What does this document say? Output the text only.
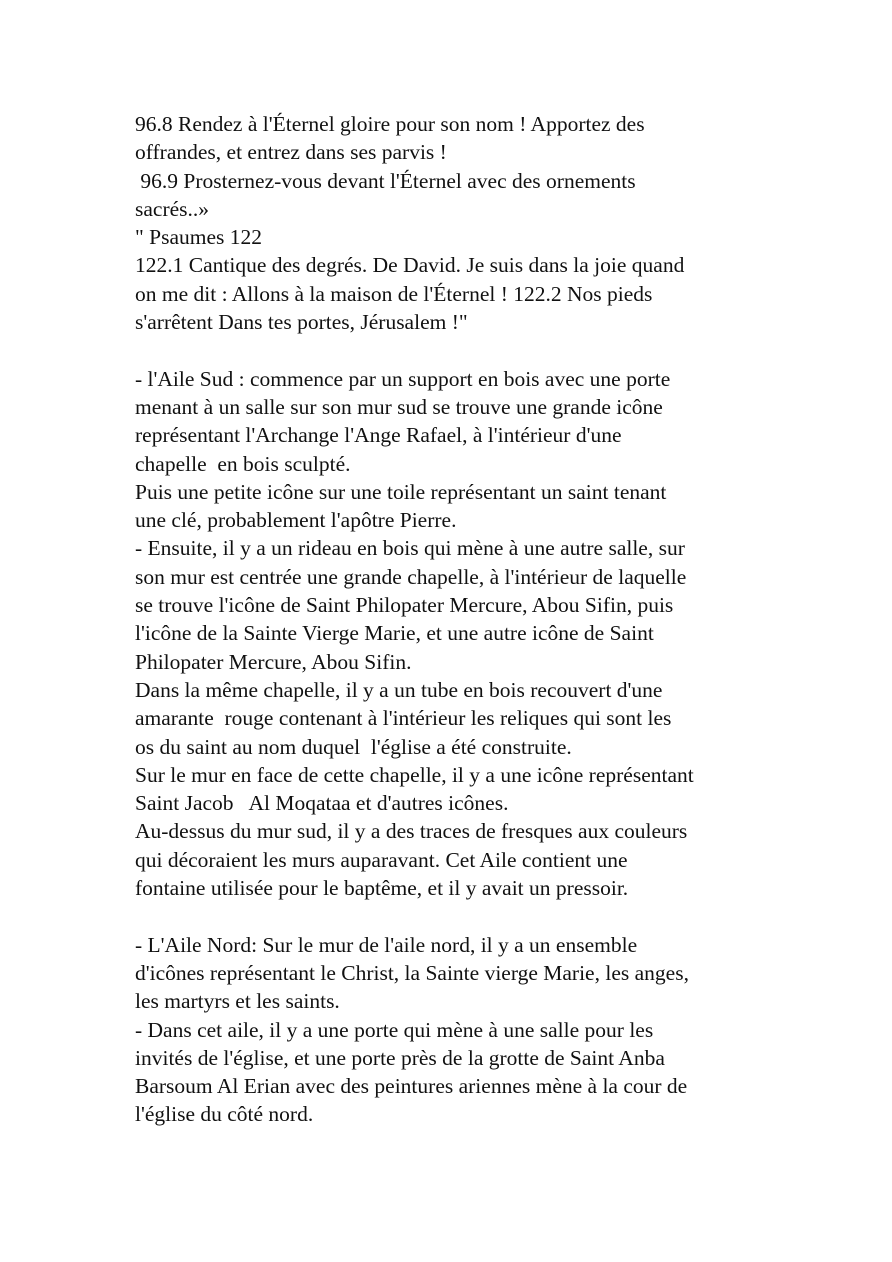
96.8 Rendez à l'Éternel gloire pour son nom ! Apportez des
offrandes, et entrez dans ses parvis !
96.9 Prosternez-vous devant l'Éternel avec des ornements
sacrés..»
" Psaumes 122
122.1 Cantique des degrés. De David. Je suis dans la joie quand
on me dit : Allons à la maison de l'Éternel ! 122.2 Nos pieds
s'arrêtent Dans tes portes, Jérusalem !"
- l'Aile Sud : commence par un support en bois avec une porte
menant à un salle sur son mur sud se trouve une grande icône
représentant l'Archange l'Ange Rafael, à l'intérieur d'une
chapelle  en bois sculpté.
Puis une petite icône sur une toile représentant un saint tenant
une clé, probablement l'apôtre Pierre.
- Ensuite, il y a un rideau en bois qui mène à une autre salle, sur
son mur est centrée une grande chapelle, à l'intérieur de laquelle
se trouve l'icône de Saint Philopater Mercure, Abou Sifin, puis
l'icône de la Sainte Vierge Marie, et une autre icône de Saint
Philopater Mercure, Abou Sifin.
Dans la même chapelle, il y a un tube en bois recouvert d'une
amarante  rouge contenant à l'intérieur les reliques qui sont les
os du saint au nom duquel  l'église a été construite.
Sur le mur en face de cette chapelle, il y a une icône représentant
Saint Jacob   Al Moqataa et d'autres icônes.
Au-dessus du mur sud, il y a des traces de fresques aux couleurs
qui décoraient les murs auparavant. Cet Aile contient une
fontaine utilisée pour le baptême, et il y avait un pressoir.
- L'Aile Nord: Sur le mur de l'aile nord, il y a un ensemble
d'icônes représentant le Christ, la Sainte vierge Marie, les anges,
les martyrs et les saints.
- Dans cet aile, il y a une porte qui mène à une salle pour les
invités de l'église, et une porte près de la grotte de Saint Anba
Barsoum Al Erian avec des peintures ariennes mène à la cour de
l'église du côté nord.
